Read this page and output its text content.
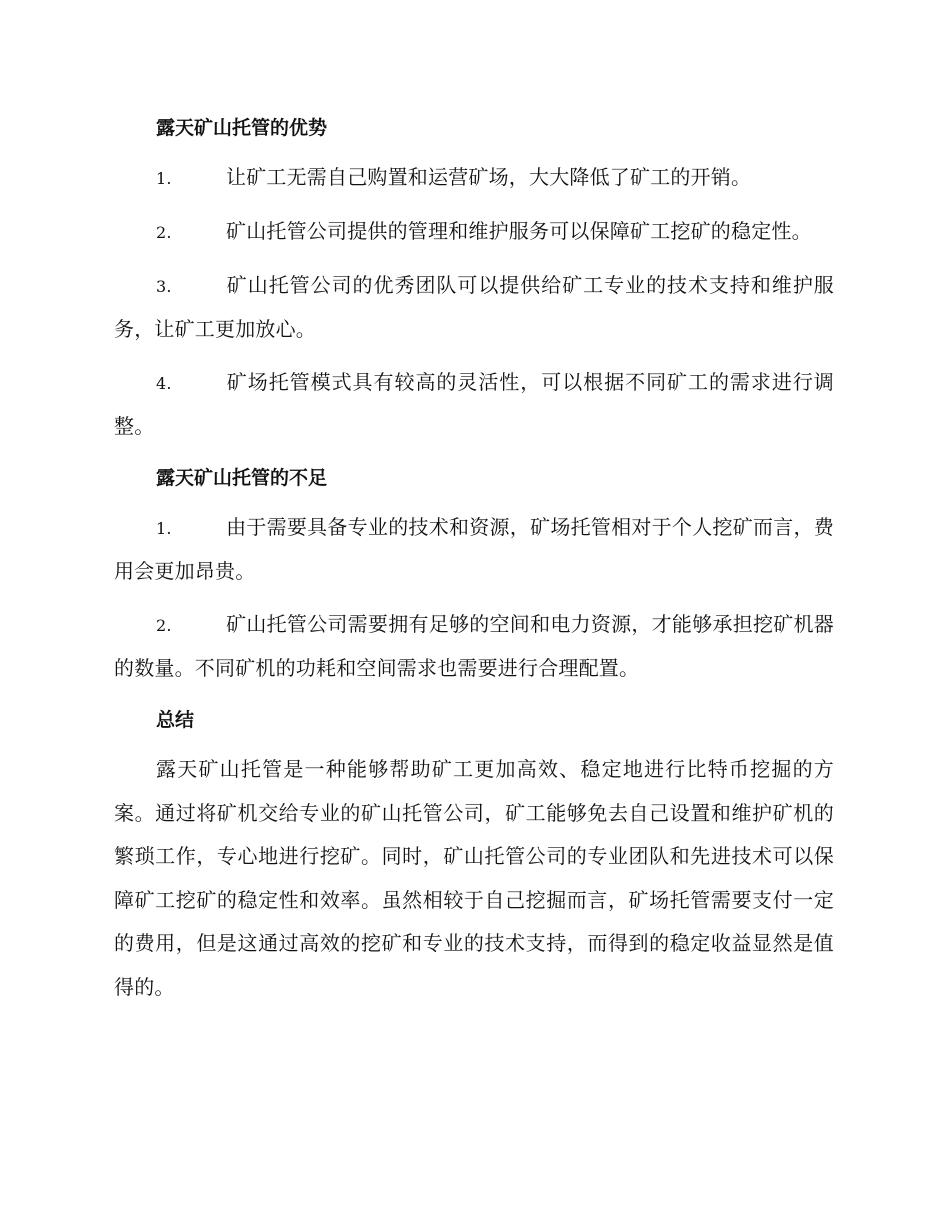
露天矿山托管的优势

1.	让矿工无需自己购置和运营矿场，大大降低了矿工的开销。

2.	矿山托管公司提供的管理和维护服务可以保障矿工挖矿的稳定性。

3.	矿山托管公司的优秀团队可以提供给矿工专业的技术支持和维护服务，让矿工更加放心。

4.	矿场托管模式具有较高的灵活性，可以根据不同矿工的需求进行调整。

露天矿山托管的不足

1.	由于需要具备专业的技术和资源，矿场托管相对于个人挖矿而言，费用会更加昂贵。

2.	矿山托管公司需要拥有足够的空间和电力资源，才能够承担挖矿机器的数量。不同矿机的功耗和空间需求也需要进行合理配置。

总结

露天矿山托管是一种能够帮助矿工更加高效、稳定地进行比特币挖掘的方案。通过将矿机交给专业的矿山托管公司，矿工能够免去自己设置和维护矿机的繁琐工作，专心地进行挖矿。同时，矿山托管公司的专业团队和先进技术可以保障矿工挖矿的稳定性和效率。虽然相较于自己挖掘而言，矿场托管需要支付一定的费用，但是这通过高效的挖矿和专业的技术支持，而得到的稳定收益显然是值得的。
